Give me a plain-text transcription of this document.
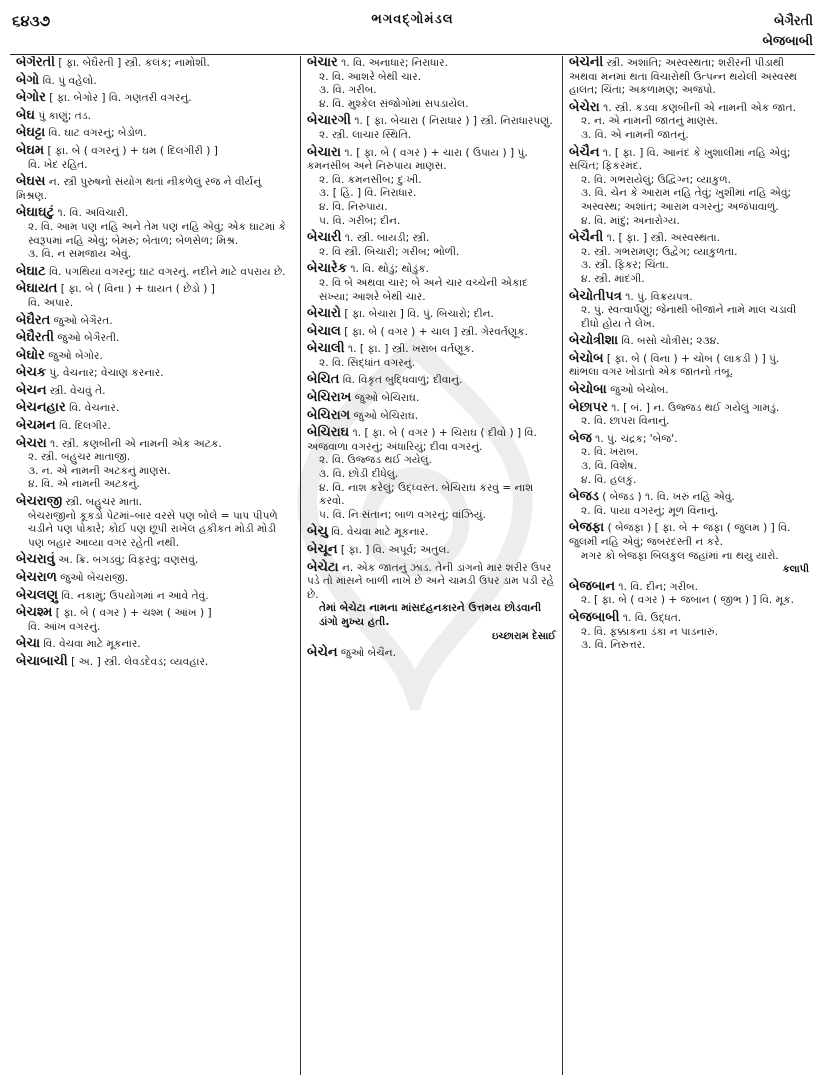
૬૪૩૭	ભગવદ્ગોમંડલ	બેગૈરતી
બેજબાબી
બેગૈરતી [ ફા. બેઘૈરતી ] સ્ત્રી. કલંક; નામોશી.
બેગો વિ. પું વહેલો.
બેગોર [ ફા. બેગોર ] વિ. ગણતરી વગરનું.
બેઘ પું કાણું; તડ.
બેઘટ્ટા વિ. ઘાટ વગરનું; બેડોળ.
બેઘમ [ ફા. બે ( વગરનું ) + ઘમ ( દિલગીરી ) ]
વિ. ખેદ રહિત.
બેઘસ ન. સ્ત્રી પુરુષનો સંયોગ થતાં નીકળેલું રજ ને વીર્યનું મિશ્રણ.
બેઘાઘટું ૧. વિ. અવિચારી.
૨. વિ. આમ પણ નહિ અને તેમ પણ નહિ એવું; એક ઘાટમાં કે સ્વરૂપમાં નહિ એવું; બેમરું; બેતાળ; બેળસેળ; મિશ્ર.
૩. વિ. ન સમજાય એવું.
બેઘાટ વિ. પગથિયાં વગરનું; ઘાટ વગરનું. નદીને માટે વપરાય છે.
બેઘાયત [ ફા. બે ( વિના ) + ઘાયત ( છેડો ) ]
વિ. અપાર.
બેઘૈરત જુઓ બેગૈરત.
બેઘૈરતી જુઓ બેગૈરતી.
બેઘોર જુઓ બેગોર.
બેચક પું. વેચનાર; વેચાણ કરનાર.
બેચન સ્ત્રી. વેચવું તે.
બેચનહાર વિ. વેચનાર.
બેચમન વિ. દિલગીર.
બેચરા ૧. સ્ત્રી. કણબીની એ નામની એક અટક.
૨. સ્ત્રી. બહુચર માતાજી.
૩. ન. એ નામની અટકનું માણસ.
૪. વિ. એ નામની અટકનું.
બેચરાજી સ્ત્રી. બહુચર માતા.
બેચરાજીનો કૂકડો પેટમાં–બાર વરસે પણ બોલે = પાપ પીપળે ચડીને પણ પોકારે; કોઈ પણ છૂપી રાખેલ હકીકત મોડી મોડી પણ બહાર આવ્યા વગર રહેતી નથી.
બેચરાવું અ. ક્રિ. બગડવું; વિફરવું; વણસવું.
બેચરાળ જુઓ બેચરાજી.
બેચલણુ વિ. નકામું; ઉપયોગમાં ન આવે તેવું.
બેચશ્મ [ ફા. બે ( વગર ) + ચશ્મ ( આંખ ) ]
વિ. આંખ વગરનું.
બેચા વિ. વેચવા માટે મૂકનાર.
બેચાબાચી [ અ. ] સ્ત્રી. લેવડદેવડ; વ્યવહાર.
બેચાર ૧. વિ. અનાધાર; નિરાધાર.
૨. વિ. આશરે બેથી ચાર.
૩. વિ. ગરીબ.
૪. વિ. મુશ્કેલ સંજોગોમાં સપડાયેલ.
બેચારગી ૧. [ ફા. બેચારા ( નિરાધાર ) ] સ્ત્રી. નિરાધારપણું.
૨. સ્ત્રી. લાચાર સ્થિતિ.
બેચારા ૧. [ ફા. બે ( વગર ) + ચારા ( ઉપાય ) ] પું. કમનસીબ અને નિરુપાય માણસ.
૨. વિ. કમનસીબ; દુઃખી.
૩. [ હિં. ] વિ. નિરાધાર.
૪. વિ. નિરુપાય.
૫. વિ. ગરીબ; દીન.
બેચારી ૧. સ્ત્રી. બાયડી; સ્ત્રી.
૨. વિ સ્ત્રી. બિચારી; ગરીબ; ભોળી.
બેચારેક ૧. વિ. થોડું; થોડુંક.
૨. વિ બે અથવા ચાર; બે અને ચાર વચ્ચેની એકાદ સંખ્યા; આશરે બેથી ચાર.
બેચારો [ ફા. બેચારા ] વિ. પું. બિચારો; દીન.
બેચાલ [ ફા. બે ( વગર ) + ચાલ ] સ્ત્રી. ગેરવર્તણૂક.
બેચાલી ૧. [ ફા. ] સ્ત્રી. ખરાબ વર્તણૂક.
૨. વિ. સિદ્ધાંત વગરનું.
બેચિત વિ. વિકૃત બુદ્ધિવાળું; દીવાનું.
બેચિરાખ જુઓ બેચિરાઘ.
બેચિરાગ જુઓ બેચિરાઘ.
બેચિરાઘ ૧. [ ફા. બે ( વગર ) + ચિરાઘ ( દીવો ) ] વિ. અજવાળા વગરનું; અંધારિયું; દીવા વગરનું.
૨. વિ. ઉજ્જડ થઈ ગયેલું.
૩. વિ. છોડી દીધેલું.
૪. વિ. નાશ કરેલું; ઉદ્ધ્વસ્ત. બેચિરાઘ કરવું = નાશ કરવો.
૫. વિ. નિઃસંતાન; બાળ વગરનું; વાંઝિયું.
બેચુ વિ. વેચવા માટે મૂકનાર.
બેચૂન [ ફા. ] વિ. અપૂર્વ; અતુલ.
બેચેટા ન. એક જાતનું ઝાડ. તેની ડાંગનો માર શરીર ઉપર પડે તો માંસને બાળી નાખે છે અને ચામડી ઉપર ડામ પડી રહે છે.
તેમાં બેચેટા નામના માંસદહનકારને ઉત્તમય છોડવાની ડાંગો મુખ્ય હતી.
ઇચ્છારામ દેસાઈ
બેચેન જુઓ બેચૈન.
બેચેની સ્ત્રી. અશાંતિ; અસ્વસ્થતા; શરીરની પીડાથી અથવા મનમાં થતા વિચારોથી ઉત્પન્ન થયેલી અસ્વસ્થ હાલત; ચિંતા; અકળામણ; અજંપો.
બેચેરા ૧. સ્ત્રી. કડવા કણબીની એ નામની એક જાત.
૨. ન. એ નામની જાતનું માણસ.
૩. વિ. એ નામની જાતનું.
બેચૈન ૧. [ ફા. ] વિ. આનંદ કે ખુશાલીમાં નહિ એવું; સચિંત; ફિકરમંદ.
૨. વિ. ગભરાયેલું; ઉદ્વિગ્ન; વ્યાકુળ.
૩. વિ. ચેન કે આરામ નહિ તેવું; ખુશીમાં નહિ એવું; અસ્વસ્થ; અશાંત; આરામ વગરનું; અજંપાવાળું.
૪. વિ. માંદું; અનારોગ્ય.
બેચૈની ૧. [ ફા. ] સ્ત્રી. અસ્વસ્થતા.
૨. સ્ત્રી. ગભરામણ; ઉદ્વેગ; વ્યાકુળતા.
૩. સ્ત્રી. ફિકર; ચિંતા.
૪. સ્ત્રી. માંદગી.
બેચોતીપત્ર ૧. પું. વિક્રયપત્ર.
૨. પું. સ્વત્વાર્પણું; જેનાથી બીજાને નામે માલ ચડાવી દીધો હોય તે લેખ.
બેચોત્રીશા વિ. બસો ચોત્રીસ; ૨૩૪.
બેચોબ [ ફા. બે ( વિના ) + ચોબ ( લાકડી ) ] પું. થાંભલા વગર ખોડાતો એક જાતનો તંબૂ.
બેચોબા જુઓ બેચોબ.
બેછાપર ૧. [ બં. ] ન. ઉજ્જડ થઈ ગયેલું ગામડું.
૨. વિ. છાપરા વિનાનું.
બેજ ૧. પું. ચંદ્રક; 'બેજ'.
૨. વિ. ખરાબ.
૩. વિ. વિશેષ.
૪. વિ. હલકું.
બેજડ ( બેજડ ) ૧. વિ. ખરું નહિ એવું.
૨. વિ. પાયા વગરનું; મૂળ વિનાનું.
બેજફા ( બેજફા ) [ ફા. બે + જફા ( જુલમ ) ] વિ. જુલમી નહિ એવું; જબરદસ્તી ન કરે.
મગર કો બેજફા બિલકુલ જહાંમાં ના થયુ યારો.
કલાપી
બેજબાન ૧. વિ. દીન; ગરીબ.
૨. [ ફા. બે ( વગર ) + જબાન ( જીભ ) ] વિ. મૂક.
બેજબાબી ૧. વિ. ઉદ્ધત.
૨. વિ. ફક્કાકના ડંકા ન પાડનારું.
૩. વિ. નિરુત્તર.
